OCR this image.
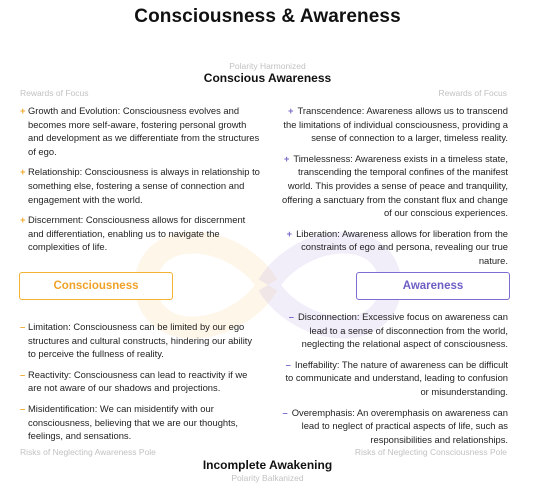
Consciousness & Awareness
Polarity Harmonized
Conscious Awareness
Rewards of Focus	Rewards of Focus
+ Growth and Evolution: Consciousness evolves and becomes more self-aware, fostering personal growth and development as we differentiate from the structures of ego.
+ Relationship: Consciousness is always in relationship to something else, fostering a sense of connection and engagement with the world.
+ Discernment: Consciousness allows for discernment and differentiation, enabling us to navigate the complexities of life.
+ Transcendence: Awareness allows us to transcend the limitations of individual consciousness, providing a sense of connection to a larger, timeless reality.
+ Timelessness: Awareness exists in a timeless state, transcending the temporal confines of the manifest world. This provides a sense of peace and tranquility, offering a sanctuary from the constant flux and change of our conscious experiences.
+ Liberation: Awareness allows for liberation from the constraints of ego and persona, revealing our true nature.
Consciousness	Awareness
– Limitation: Consciousness can be limited by our ego structures and cultural constructs, hindering our ability to perceive the fullness of reality.
– Reactivity: Consciousness can lead to reactivity if we are not aware of our shadows and projections.
– Misidentification: We can misidentify with our consciousness, believing that we are our thoughts, feelings, and sensations.
– Disconnection: Excessive focus on awareness can lead to a sense of disconnection from the world, neglecting the relational aspect of consciousness.
– Ineffability: The nature of awareness can be difficult to communicate and understand, leading to confusion or misunderstanding.
– Overemphasis: An overemphasis on awareness can lead to neglect of practical aspects of life, such as responsibilities and relationships.
Risks of Neglecting Awareness Pole	Risks of Neglecting Consciousness Pole
Incomplete Awakening
Polarity Balkanized
